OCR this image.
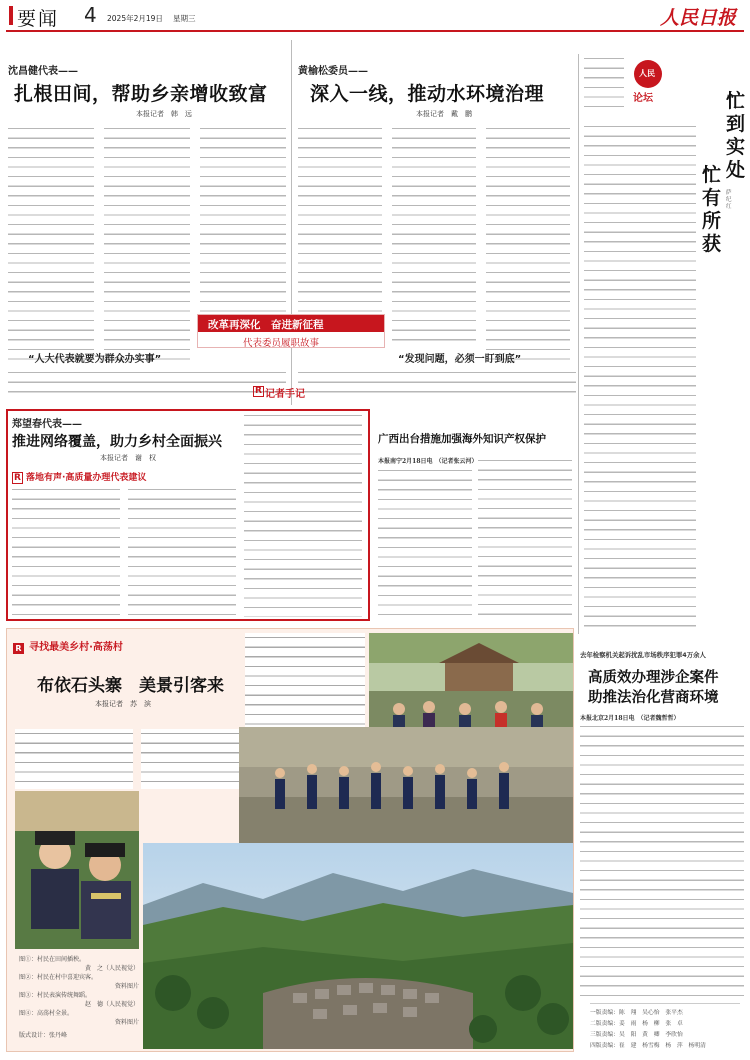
要闻 4 2025年2月19日 星期三	人民日报
沈昌健代表——
扎根田间，帮助乡亲增收致富
本报记者　韩　远
“人大代表就要为群众办实事”
黄榆松委员——
深入一线，推动水环境治理
本报记者　戴　鹏
“发现问题，必须一盯到底”
改革再深化　奋进新征程
代表委员履职故事
R 记者手记
人民
论坛	忙到实处
忙有所获
萨　纪　红
郑望春代表——
推进网络覆盖，助力乡村全面振兴
本报记者　谢　权
R 落地有声·高质量办理代表建议
广西出台措施加强海外知识产权保护
本报南宁2月18日电　（记者张云河）
R 寻找最美乡村·高荡村
布依石头寨　美景引客来
本报记者　苏　滨
图①：村民在田间插秧。
黄　之（人民视觉）
图②：村民在村中喜迎宾客。
资料图片
图③：村民表演传统舞蹈。
赵　德（人民视觉）
图④：高荡村全景。
资料图片
版式设计：张丹峰
去年检察机关起诉扰乱市场秩序犯罪4万余人
高质效办理涉企案件
助推法治化营商环境
本报北京2月18日电　（记者魏哲哲）
一版责编：陈　翔　吴心怡　张平杰
二版责编：姜　雨　杨　柳　张　卓
三版责编：吴　阳　黄　卿　李欣怡
四版责编：崔　建　杨雪梅　杨　萍　杨明清
